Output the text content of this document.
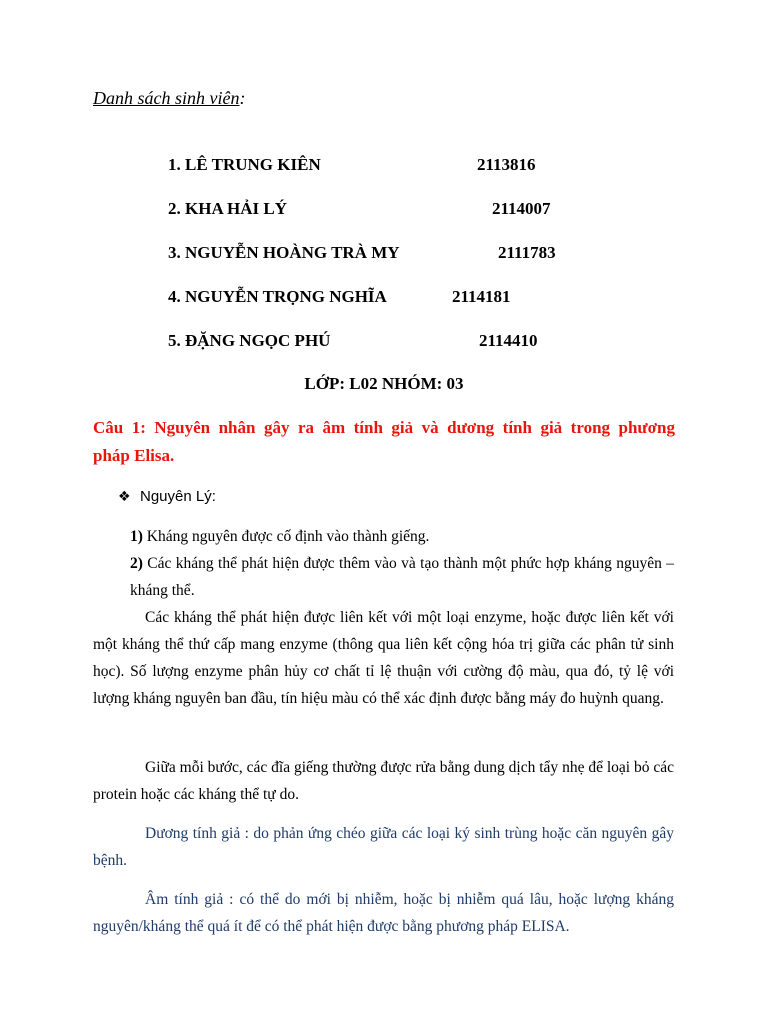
Danh sách sinh viên:
1. LÊ TRUNG KIÊN	2113816
2. KHA HẢI LÝ	2114007
3. NGUYỄN HOÀNG TRÀ MY	2111783
4. NGUYỄN TRỌNG NGHĨA	2114181
5. ĐẶNG NGỌC PHÚ	2114410
LỚP: L02 NHÓM: 03
Câu 1: Nguyên nhân gây ra âm tính giả và dương tính giả trong phương
pháp Elisa.
❖ Nguyên Lý:
1) Kháng nguyên được cố định vào thành giếng.
2) Các kháng thể phát hiện được thêm vào và tạo thành một phức hợp kháng nguyên – kháng thể.
Các kháng thể phát hiện được liên kết với một loại enzyme, hoặc được liên kết với một kháng thể thứ cấp mang enzyme (thông qua liên kết cộng hóa trị giữa các phân tử sinh học). Số lượng enzyme phân hủy cơ chất tỉ lệ thuận với cường độ màu, qua đó, tỷ lệ với lượng kháng nguyên ban đầu, tín hiệu màu có thể xác định được bằng máy đo huỳnh quang.
Giữa mỗi bước, các đĩa giếng thường được rửa bằng dung dịch tẩy nhẹ để loại bỏ các protein hoặc các kháng thể tự do.
Dương tính giả : do phản ứng chéo giữa các loại ký sinh trùng hoặc căn nguyên gây bệnh.
Âm tính giả : có thể do mới bị nhiễm, hoặc bị nhiễm quá lâu, hoặc lượng kháng nguyên/kháng thể quá ít để có thể phát hiện được bằng phương pháp ELISA.
